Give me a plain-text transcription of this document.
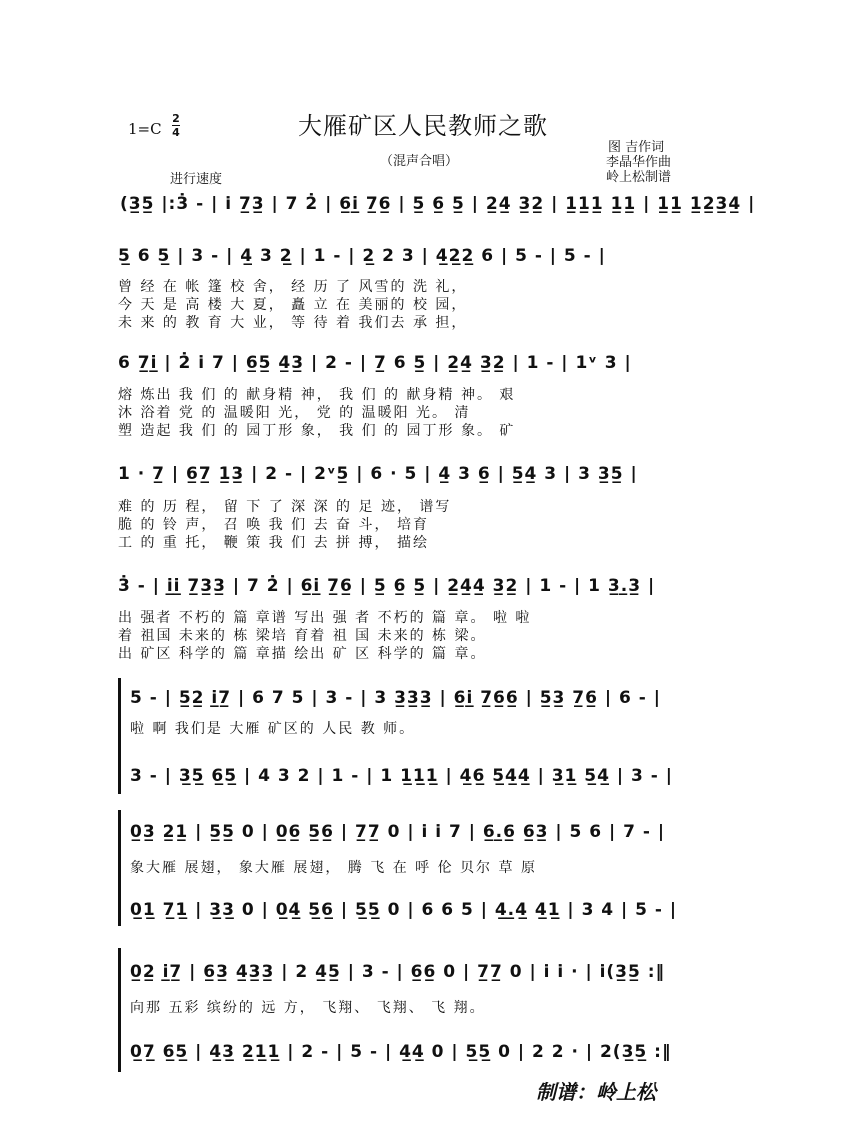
1=C
2
4	大雁矿区人民教师之歌
（混声合唱）
图 吉作词
李晶华作曲
岭上松制谱
进行速度
(3̲5̲ |:3̇ - | i̇ 7̲3̲ | 7 2̇ | 6̲i̲ 7̲6̲ | 5̲ 6̲ 5̲ | 2̲4̲ 3̲2̲ | 1̲1̲1̲ 1̲1̲ | 1̲1̲ 1̲2̲3̲4̲ |
5̲ 6 5̲ | 3 - | 4̲ 3 2̲ | 1 - | 2̲ 2 3 | 4̲2̲2̲ 6 | 5 - | 5 - |
曾 经 在 帐 篷 校 舍， 经 历 了 风雪的 洗 礼，
今 天 是 高 楼 大 夏， 矗 立 在 美丽的 校 园，
未 来 的 教 育 大 业， 等 待 着 我们去 承 担，
6 7̲i̲ | 2̇ i̇ 7 | 6̲5̲ 4̲3̲ | 2 - | 7̲ 6 5̲ | 2̲4̲ 3̲2̲ | 1 - | 1ᵛ 3 |
熔 炼出 我 们 的 献身精 神， 我 们 的 献身精 神。 艰
沐 浴着 党 的 温暖阳 光， 党 的 温暖阳 光。 清
塑 造起 我 们 的 园丁形 象， 我 们 的 园丁形 象。 矿
1 · 7̲ | 6̲7̲ 1̲3̲ | 2 - | 2ᵛ5̲ | 6 · 5 | 4̲ 3 6̲ | 5̲4̲ 3 | 3 3̲5̲ |
难 的 历 程， 留 下 了 深 深 的 足 迹， 谱写
脆 的 铃 声， 召 唤 我 们 去 奋 斗， 培育
工 的 重 托， 鞭 策 我 们 去 拼 搏， 描绘
3̇ - | i̲i̲ 7̲3̲3̲ | 7 2̇ | 6̲i̲ 7̲6̲ | 5̲ 6̲ 5̲ | 2̲4̲4̲ 3̲2̲ | 1 - | 1 3̲.̲3̲ |
出 强者 不朽的 篇 章谱 写出 强 者 不朽的 篇 章。 啦 啦
着 祖国 未来的 栋 梁培 育着 祖 国 未来的 栋 梁。
出 矿区 科学的 篇 章描 绘出 矿 区 科学的 篇 章。
5 - | 5̲2̲ i̲7̲ | 6 7 5 | 3 - | 3 3̲3̲3̲ | 6̲i̲ 7̲6̲6̲ | 5̲3̲ 7̲6̲ | 6 - |
啦 啊 我们是 大雁 矿区的 人民 教 师。
3 - | 3̲5̲ 6̲5̲ | 4 3 2 | 1 - | 1 1̲1̲1̲ | 4̲6̲ 5̲4̲4̲ | 3̲1̲ 5̲4̲ | 3 - |
0̲3̲ 2̲1̲ | 5̲5̲ 0 | 0̲6̲ 5̲6̲ | 7̲7̲ 0 | i̇ i̇ 7 | 6̲.̲6̲ 6̲3̲ | 5 6 | 7 - |
象大雁 展翅， 象大雁 展翅， 腾 飞 在 呼 伦 贝尔 草 原
0̲1̲ 7̲1̲ | 3̲3̲ 0 | 0̲4̲ 5̲6̲ | 5̲5̲ 0 | 6 6 5 | 4̲.̲4̲ 4̲1̲ | 3 4 | 5 - |
0̲2̲ i̲7̲ | 6̲3̲ 4̲3̲3̲ | 2 4̲5̲ | 3 - | 6̲6̲ 0 | 7̲7̲ 0 | i̇ i̇ · | i̇(3̲5̲ :‖
向那 五彩 缤纷的 远 方， 飞翔、 飞翔、 飞 翔。
0̲7̲ 6̲5̲ | 4̲3̲ 2̲1̲1̲ | 2 - | 5 - | 4̲4̲ 0 | 5̲5̲ 0 | 2 2 · | 2(3̲5̲ :‖
制谱：岭上松
